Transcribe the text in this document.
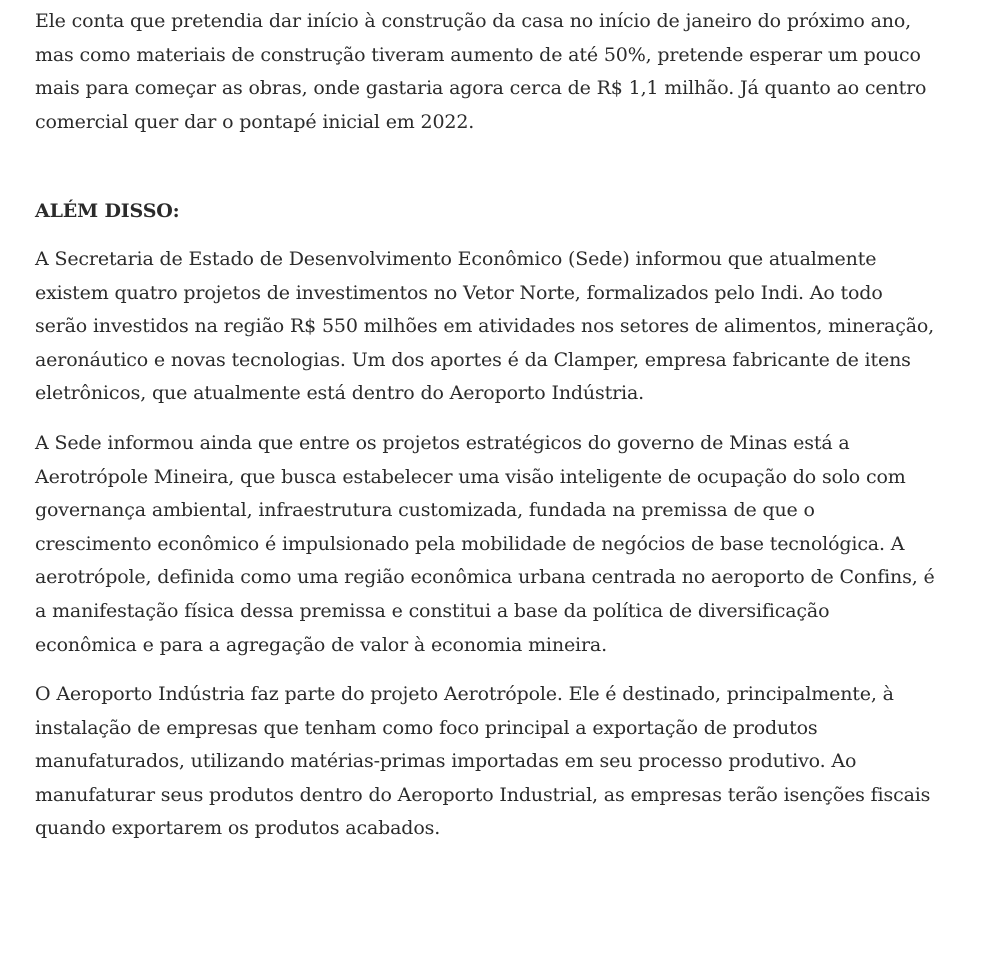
Ele conta que pretendia dar início à construção da casa no início de janeiro do próximo ano, mas como materiais de construção tiveram aumento de até 50%, pretende esperar um pouco mais para começar as obras, onde gastaria agora cerca de R$ 1,1 milhão. Já quanto ao centro comercial quer dar o pontapé inicial em 2022.

ALÉM DISSO:

A Secretaria de Estado de Desenvolvimento Econômico (Sede) informou que atualmente existem quatro projetos de investimentos no Vetor Norte, formalizados pelo Indi. Ao todo serão investidos na região R$ 550 milhões em atividades nos setores de alimentos, mineração, aeronáutico e novas tecnologias. Um dos aportes é da Clamper, empresa fabricante de itens eletrônicos, que atualmente está dentro do Aeroporto Indústria.

A Sede informou ainda que entre os projetos estratégicos do governo de Minas está a Aerotrópole Mineira, que busca estabelecer uma visão inteligente de ocupação do solo com governança ambiental, infraestrutura customizada, fundada na premissa de que o crescimento econômico é impulsionado pela mobilidade de negócios de base tecnológica. A aerotrópole, definida como uma região econômica urbana centrada no aeroporto de Confins, é a manifestação física dessa premissa e constitui a base da política de diversificação econômica e para a agregação de valor à economia mineira.

O Aeroporto Indústria faz parte do projeto Aerotrópole. Ele é destinado, principalmente, à instalação de empresas que tenham como foco principal a exportação de produtos manufaturados, utilizando matérias-primas importadas em seu processo produtivo. Ao manufaturar seus produtos dentro do Aeroporto Industrial, as empresas terão isenções fiscais quando exportarem os produtos acabados.
